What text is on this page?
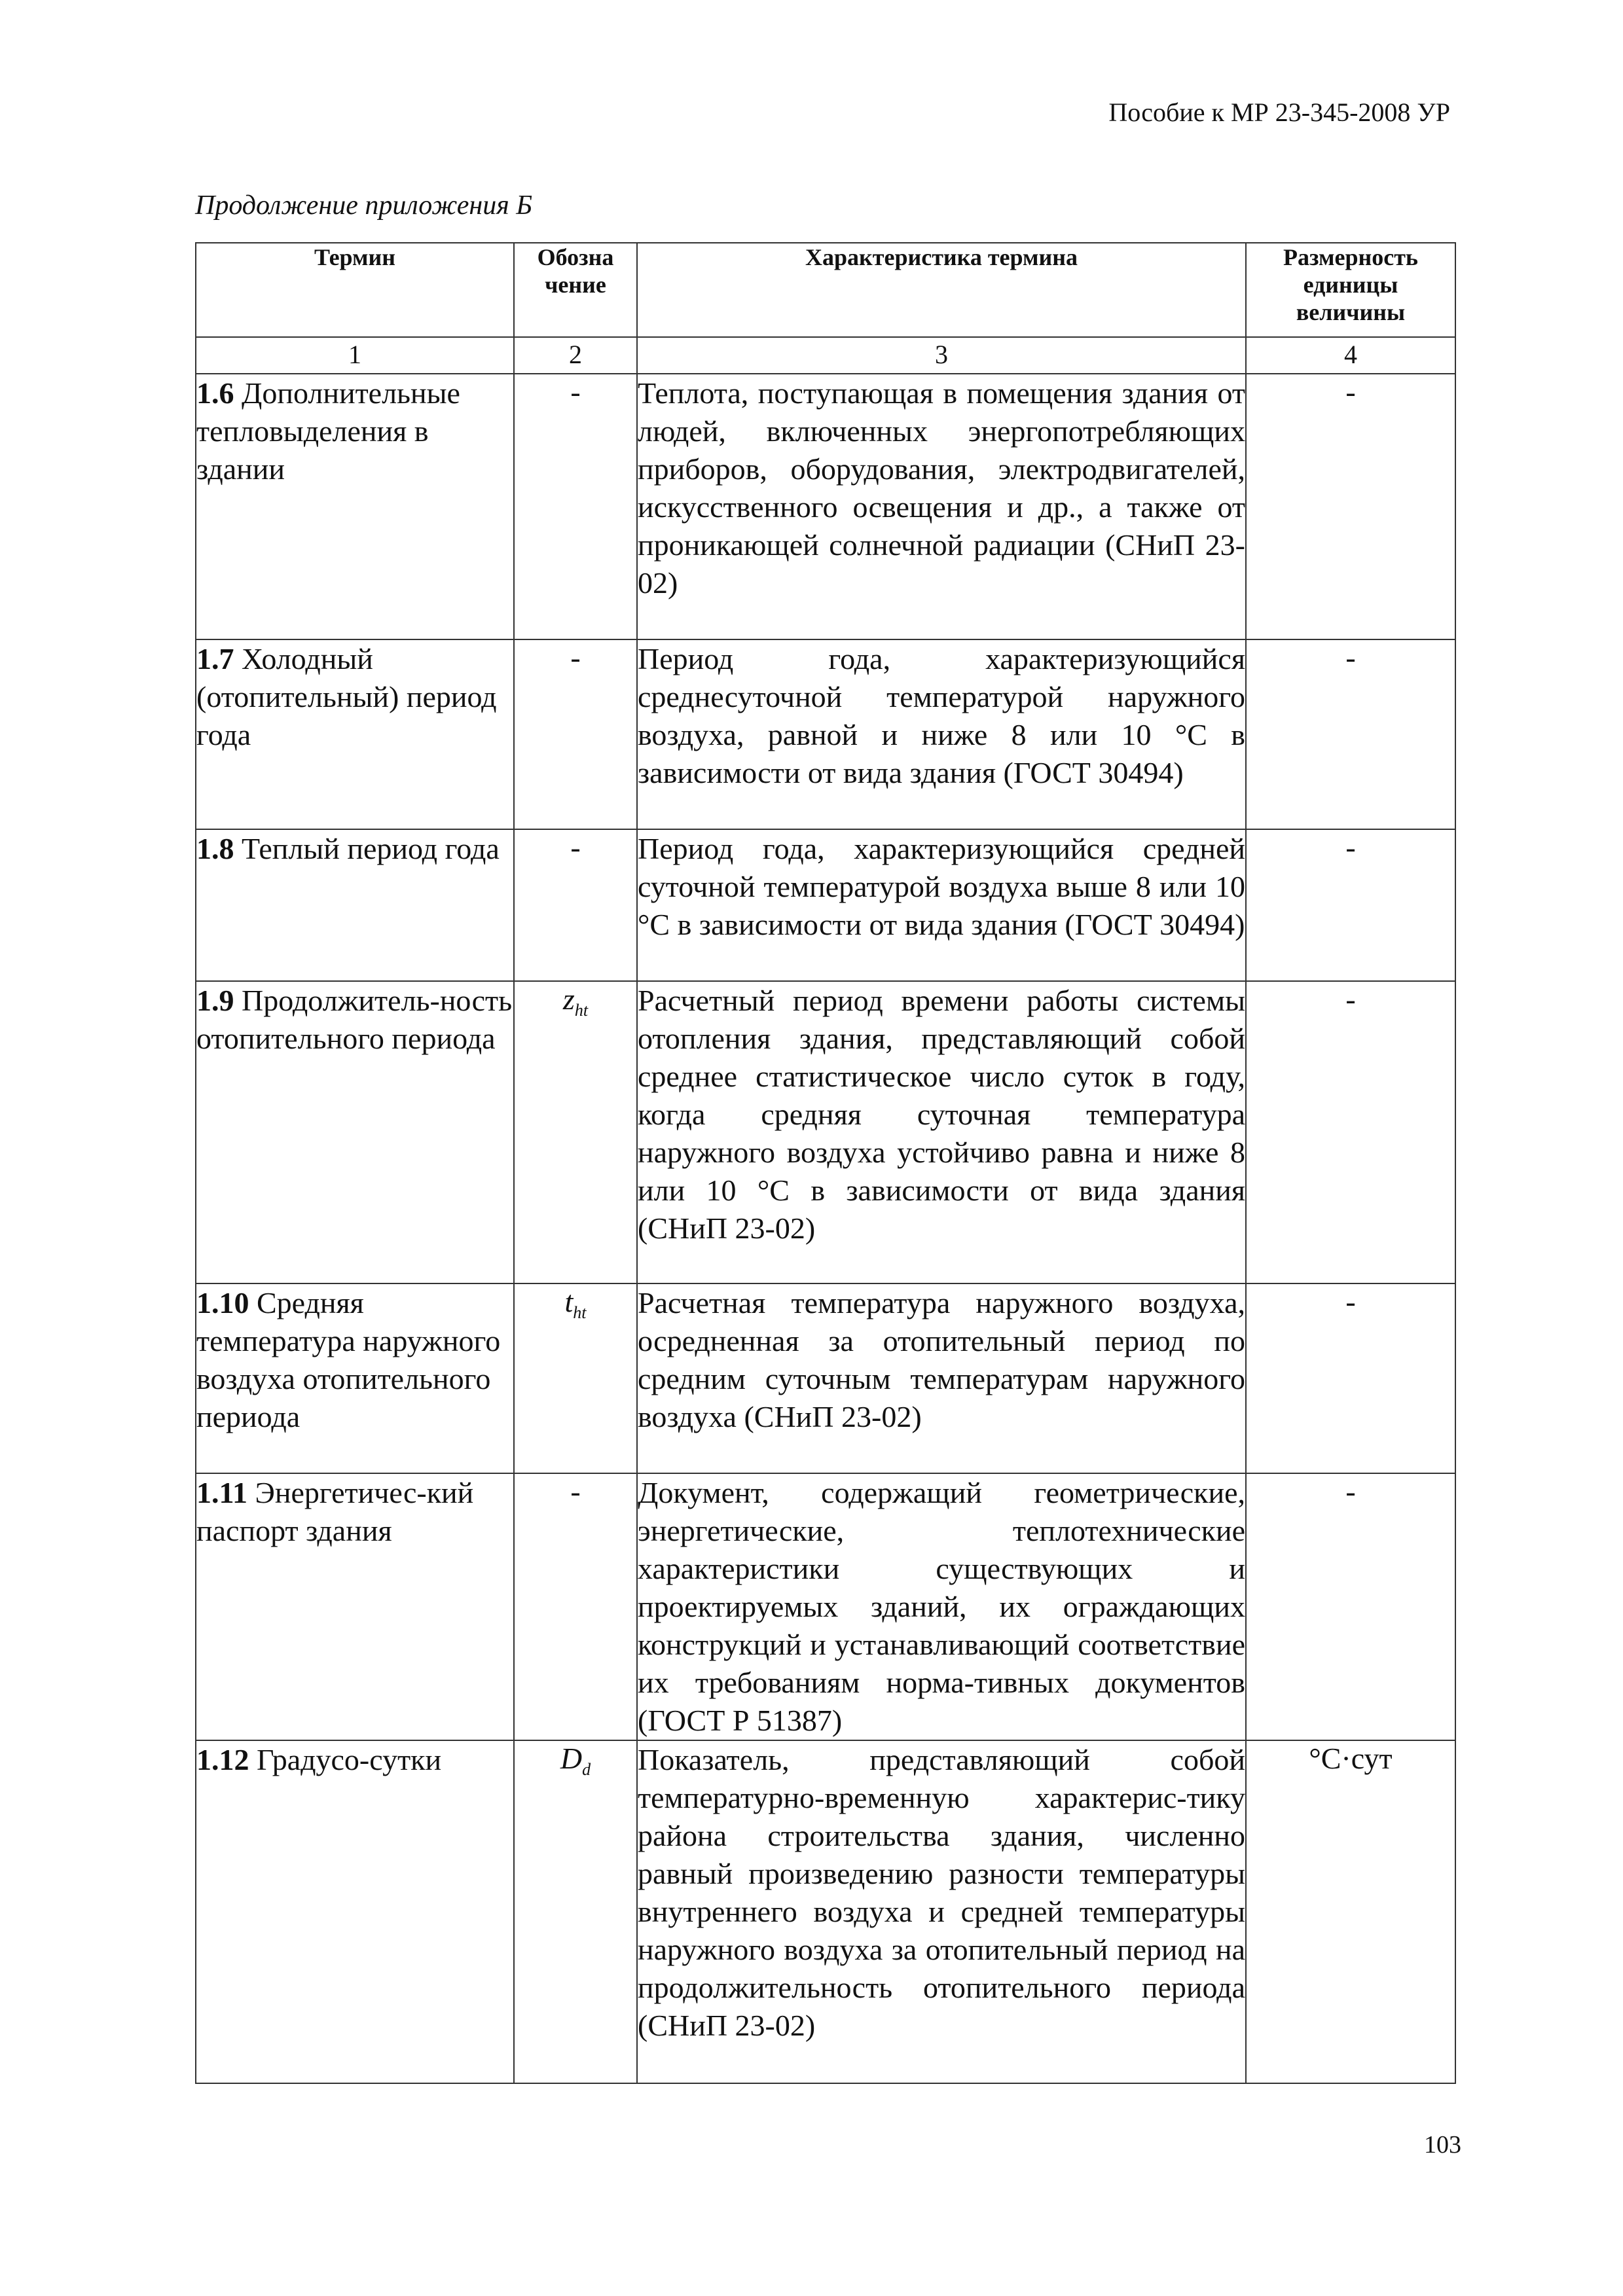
Пособие к МР 23-345-2008 УР
Продолжение приложения Б
Термин	Обозна чение	Характеристика термина	Размерность единицы величины
1	2	3	4
1.6 Дополнительные тепловыделения в здании	-	Теплота, поступающая в помещения здания от людей, включенных энергопотребляющих приборов, оборудования, электродвигателей, искусственного освещения и др., а также от проникающей солнечной радиации (СНиП 23-02)	-
1.7 Холодный (отопительный) период года	-	Период года, характеризующийся среднесуточной температурой наружного воздуха, равной и ниже 8 или 10 °С в зависимости от вида здания (ГОСТ 30494)	-
1.8 Теплый период года	-	Период года, характеризующийся средней суточной температурой воздуха выше 8 или 10 °С в зависимости от вида здания (ГОСТ 30494)	-
1.9 Продолжитель-ность отопительного периода	$z_{ht}$	Расчетный период времени работы системы отопления здания, представляющий собой среднее статистическое число суток в году, когда средняя суточная температура наружного воздуха устойчиво равна и ниже 8 или 10 °С в зависимости от вида здания (СНиП 23-02)	-
1.10 Средняя температура наружного воздуха отопительного периода	$t_{ht}$	Расчетная температура наружного воздуха, осредненная за отопительный период по средним суточным температурам наружного воздуха (СНиП 23-02)	-
1.11 Энергетичес-кий паспорт здания	-	Документ, содержащий геометрические, энергетические, теплотехнические характеристики существующих и проектируемых зданий, их ограждающих конструкций и устанавливающий соответствие их требованиям норма-тивных документов (ГОСТ Р 51387)	-
1.12 Градусо-сутки	$D_d$	Показатель, представляющий собой температурно-временную характерис-тику района строительства здания, численно равный произведению разности температуры внутреннего воздуха и средней температуры наружного воздуха за отопительный период на продолжительность отопительного периода (СНиП 23-02)	°С·сут
103
